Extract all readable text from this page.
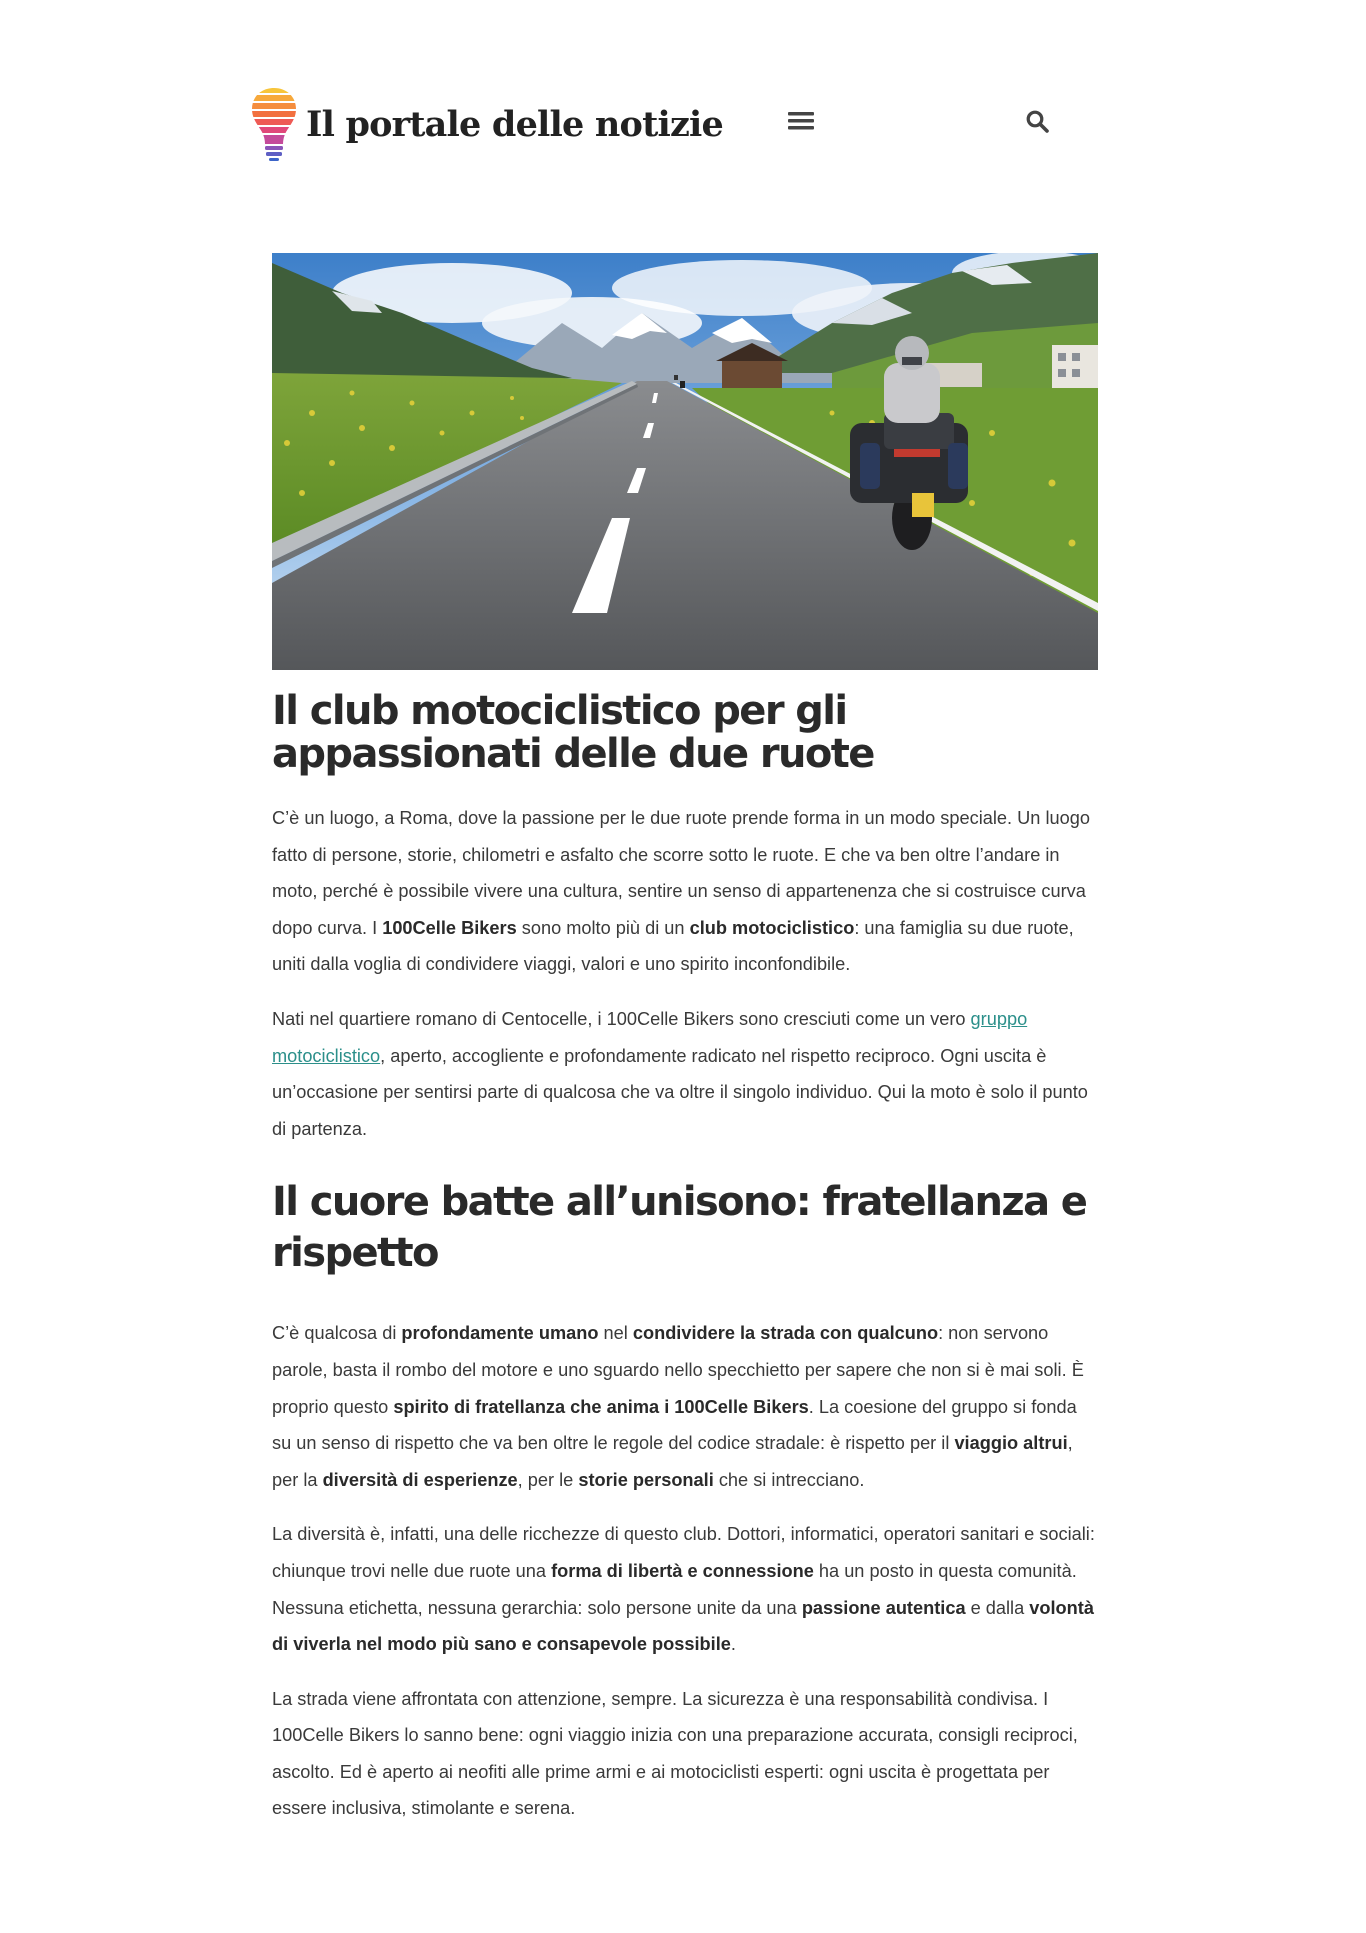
Il portale delle notizie
Il club motociclistico per gli appassionati delle due ruote

C’è un luogo, a Roma, dove la passione per le due ruote prende forma in un modo speciale. Un luogo fatto di persone, storie, chilometri e asfalto che scorre sotto le ruote. E che va ben oltre l’andare in moto, perché è possibile vivere una cultura, sentire un senso di appartenenza che si costruisce curva dopo curva. I 100Celle Bikers sono molto più di un club motociclistico: una famiglia su due ruote, uniti dalla voglia di condividere viaggi, valori e uno spirito inconfondibile.

Nati nel quartiere romano di Centocelle, i 100Celle Bikers sono cresciuti come un vero gruppo motociclistico, aperto, accogliente e profondamente radicato nel rispetto reciproco. Ogni uscita è un’occasione per sentirsi parte di qualcosa che va oltre il singolo individuo. Qui la moto è solo il punto di partenza.

Il cuore batte all’unisono: fratellanza e rispetto

C’è qualcosa di profondamente umano nel condividere la strada con qualcuno: non servono parole, basta il rombo del motore e uno sguardo nello specchietto per sapere che non si è mai soli. È proprio questo spirito di fratellanza che anima i 100Celle Bikers. La coesione del gruppo si fonda su un senso di rispetto che va ben oltre le regole del codice stradale: è rispetto per il viaggio altrui, per la diversità di esperienze, per le storie personali che si intrecciano.

La diversità è, infatti, una delle ricchezze di questo club. Dottori, informatici, operatori sanitari e sociali: chiunque trovi nelle due ruote una forma di libertà e connessione ha un posto in questa comunità. Nessuna etichetta, nessuna gerarchia: solo persone unite da una passione autentica e dalla volontà di viverla nel modo più sano e consapevole possibile.

La strada viene affrontata con attenzione, sempre. La sicurezza è una responsabilità condivisa. I 100Celle Bikers lo sanno bene: ogni viaggio inizia con una preparazione accurata, consigli reciproci, ascolto. Ed è aperto ai neofiti alle prime armi e ai motociclisti esperti: ogni uscita è progettata per essere inclusiva, stimolante e serena.
